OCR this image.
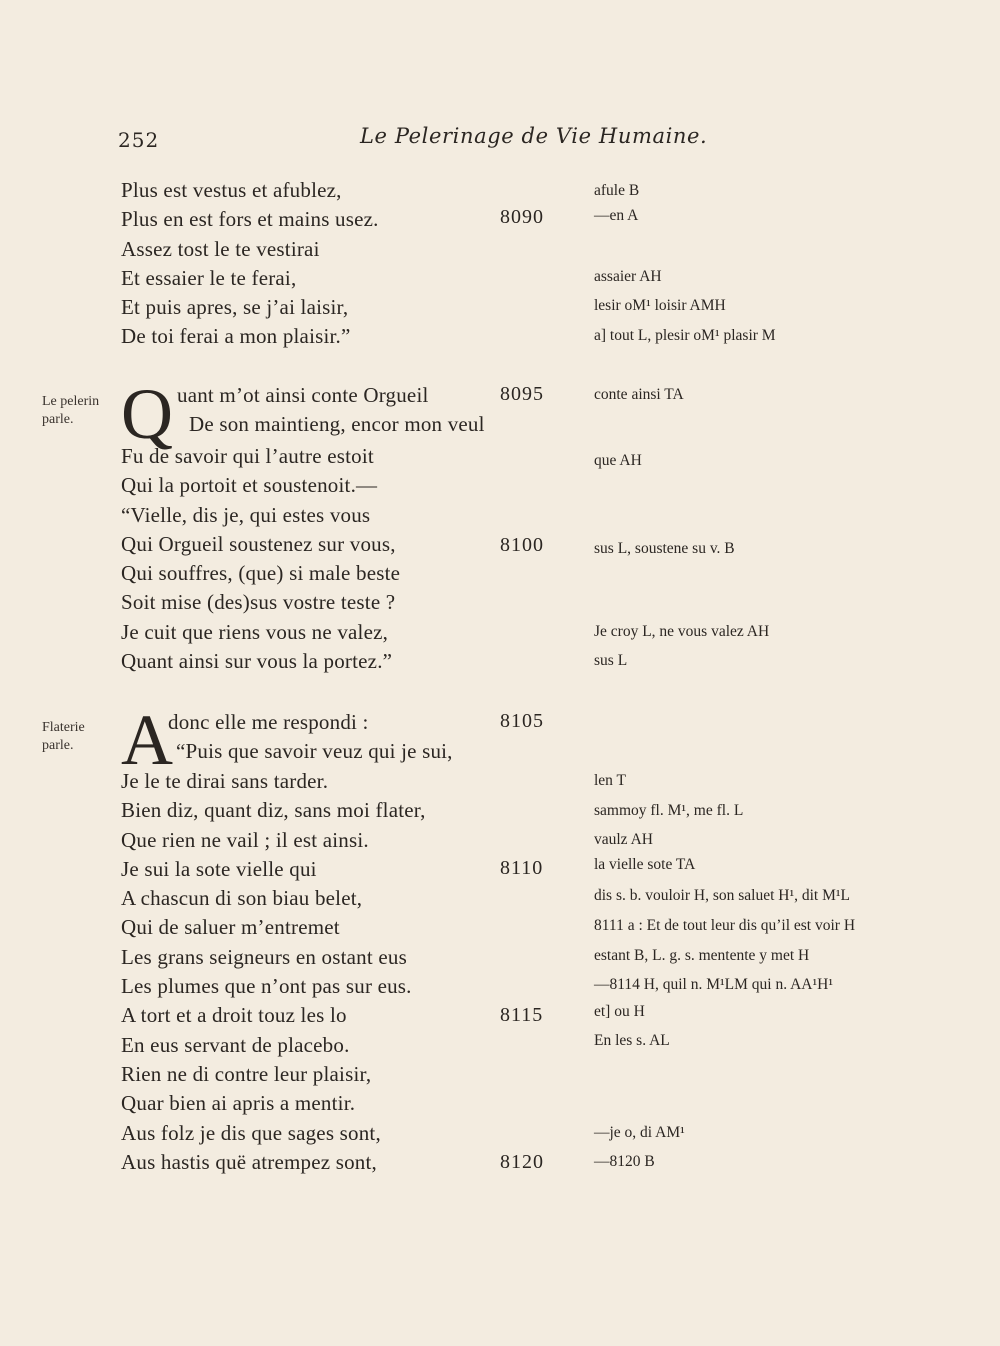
252	Le Pelerinage de Vie Humaine.
Le pelerin
parle.
Flaterie
parle.
Plus est vestus et afublez,
Plus en est fors et mains usez.
Assez tost le te vestirai
Et essaier le te ferai,
Et puis apres, se j’ai laisir,
De toi ferai a mon plaisir.”
8090
Q uant m’ot ainsi conte Orgueil
De son maintieng, encor mon veul
Fu de savoir qui l’autre estoit
Qui la portoit et soustenoit.—
“Vielle, dis je, qui estes vous
Qui Orgueil soustenez sur vous,
Qui souffres, (que) si male beste
Soit mise (des)sus vostre teste ?
Je cuit que riens vous ne valez,
Quant ainsi sur vous la portez.”
8095
8100
A
donc elle me respondi :
“Puis que savoir veuz qui je sui,
Je le te dirai sans tarder.
Bien diz, quant diz, sans moi flater,
Que rien ne vail ; il est ainsi.
Je sui la sote vielle qui
A chascun di son biau belet,
Qui de saluer m’entremet
Les grans seigneurs en ostant eus
Les plumes que n’ont pas sur eus.
A tort et a droit touz les lo
En eus servant de placebo.
Rien ne di contre leur plaisir,
Quar bien ai apris a mentir.
Aus folz je dis que sages sont,
Aus hastis quë atrempez sont,
8105
8110
8115
8120
afule B
—en A
assaier AH
lesir oM¹ loisir AMH
a] tout L, plesir oM¹ plasir M
conte ainsi TA
que AH
sus L, soustene su v. B
Je croy L, ne vous valez AH
sus L
len T
sammoy fl. M¹, me fl. L
vaulz AH
la vielle sote TA
dis s. b. vouloir H, son saluet H¹, dit M¹L
8111 a : Et de tout leur dis qu’il est voir H
estant B, L. g. s. mentente y met H
—8114 H, quil n. M¹LM qui n. AA¹H¹
et] ou H
En les s. AL
—je o, di AM¹
—8120 B
